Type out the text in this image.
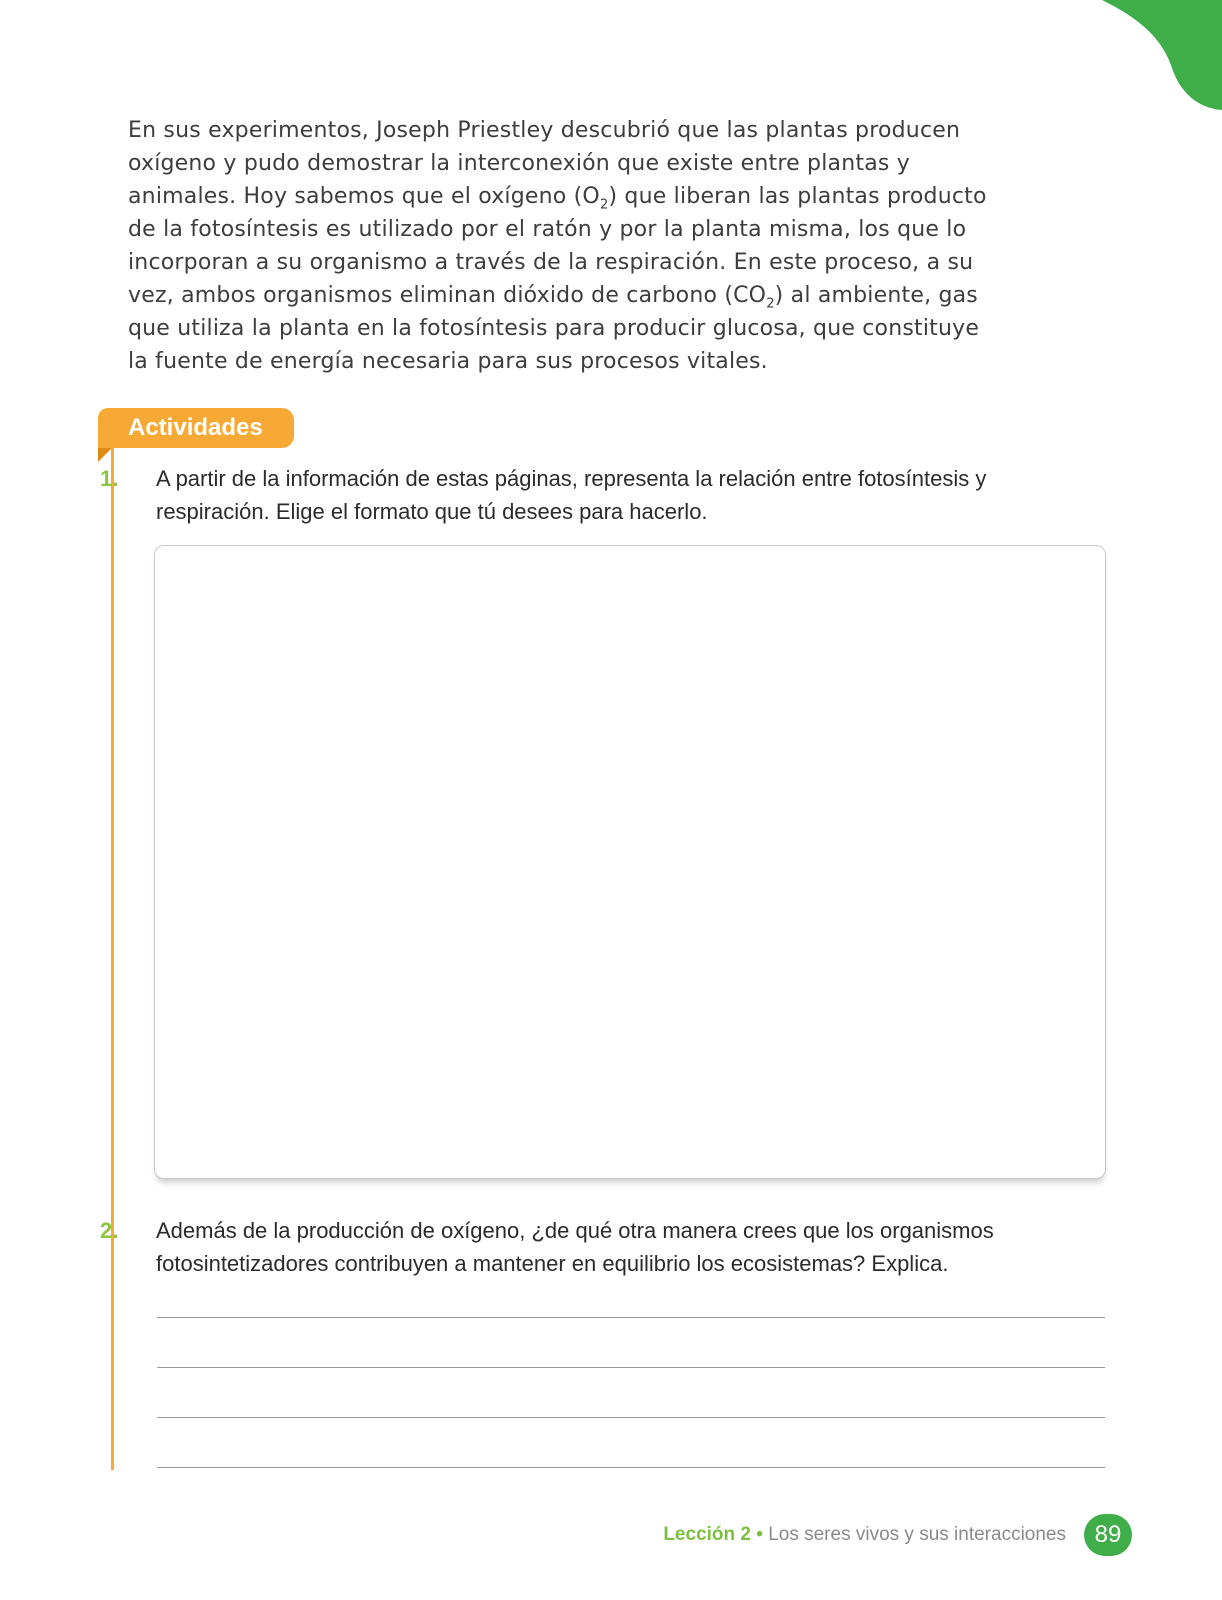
En sus experimentos, Joseph Priestley descubrió que las plantas producen oxígeno y pudo demostrar la interconexión que existe entre plantas y animales. Hoy sabemos que el oxígeno $(O_2)$ que liberan las plantas producto de la fotosíntesis es utilizado por el ratón y por la planta misma, los que lo incorporan a su organismo a través de la respiración. En este proceso, a su vez, ambos organismos eliminan dióxido de carbono $(CO_2)$ al ambiente, gas que utiliza la planta en la fotosíntesis para producir glucosa, que constituye la fuente de energía necesaria para sus procesos vitales.

Actividades

1. A partir de la información de estas páginas, representa la relación entre fotosíntesis y respiración. Elige el formato que tú desees para hacerlo.

2. Además de la producción de oxígeno, ¿de qué otra manera crees que los organismos fotosintetizadores contribuyen a mantener en equilibrio los ecosistemas? Explica.

Lección 2 • Los seres vivos y sus interacciones	89
